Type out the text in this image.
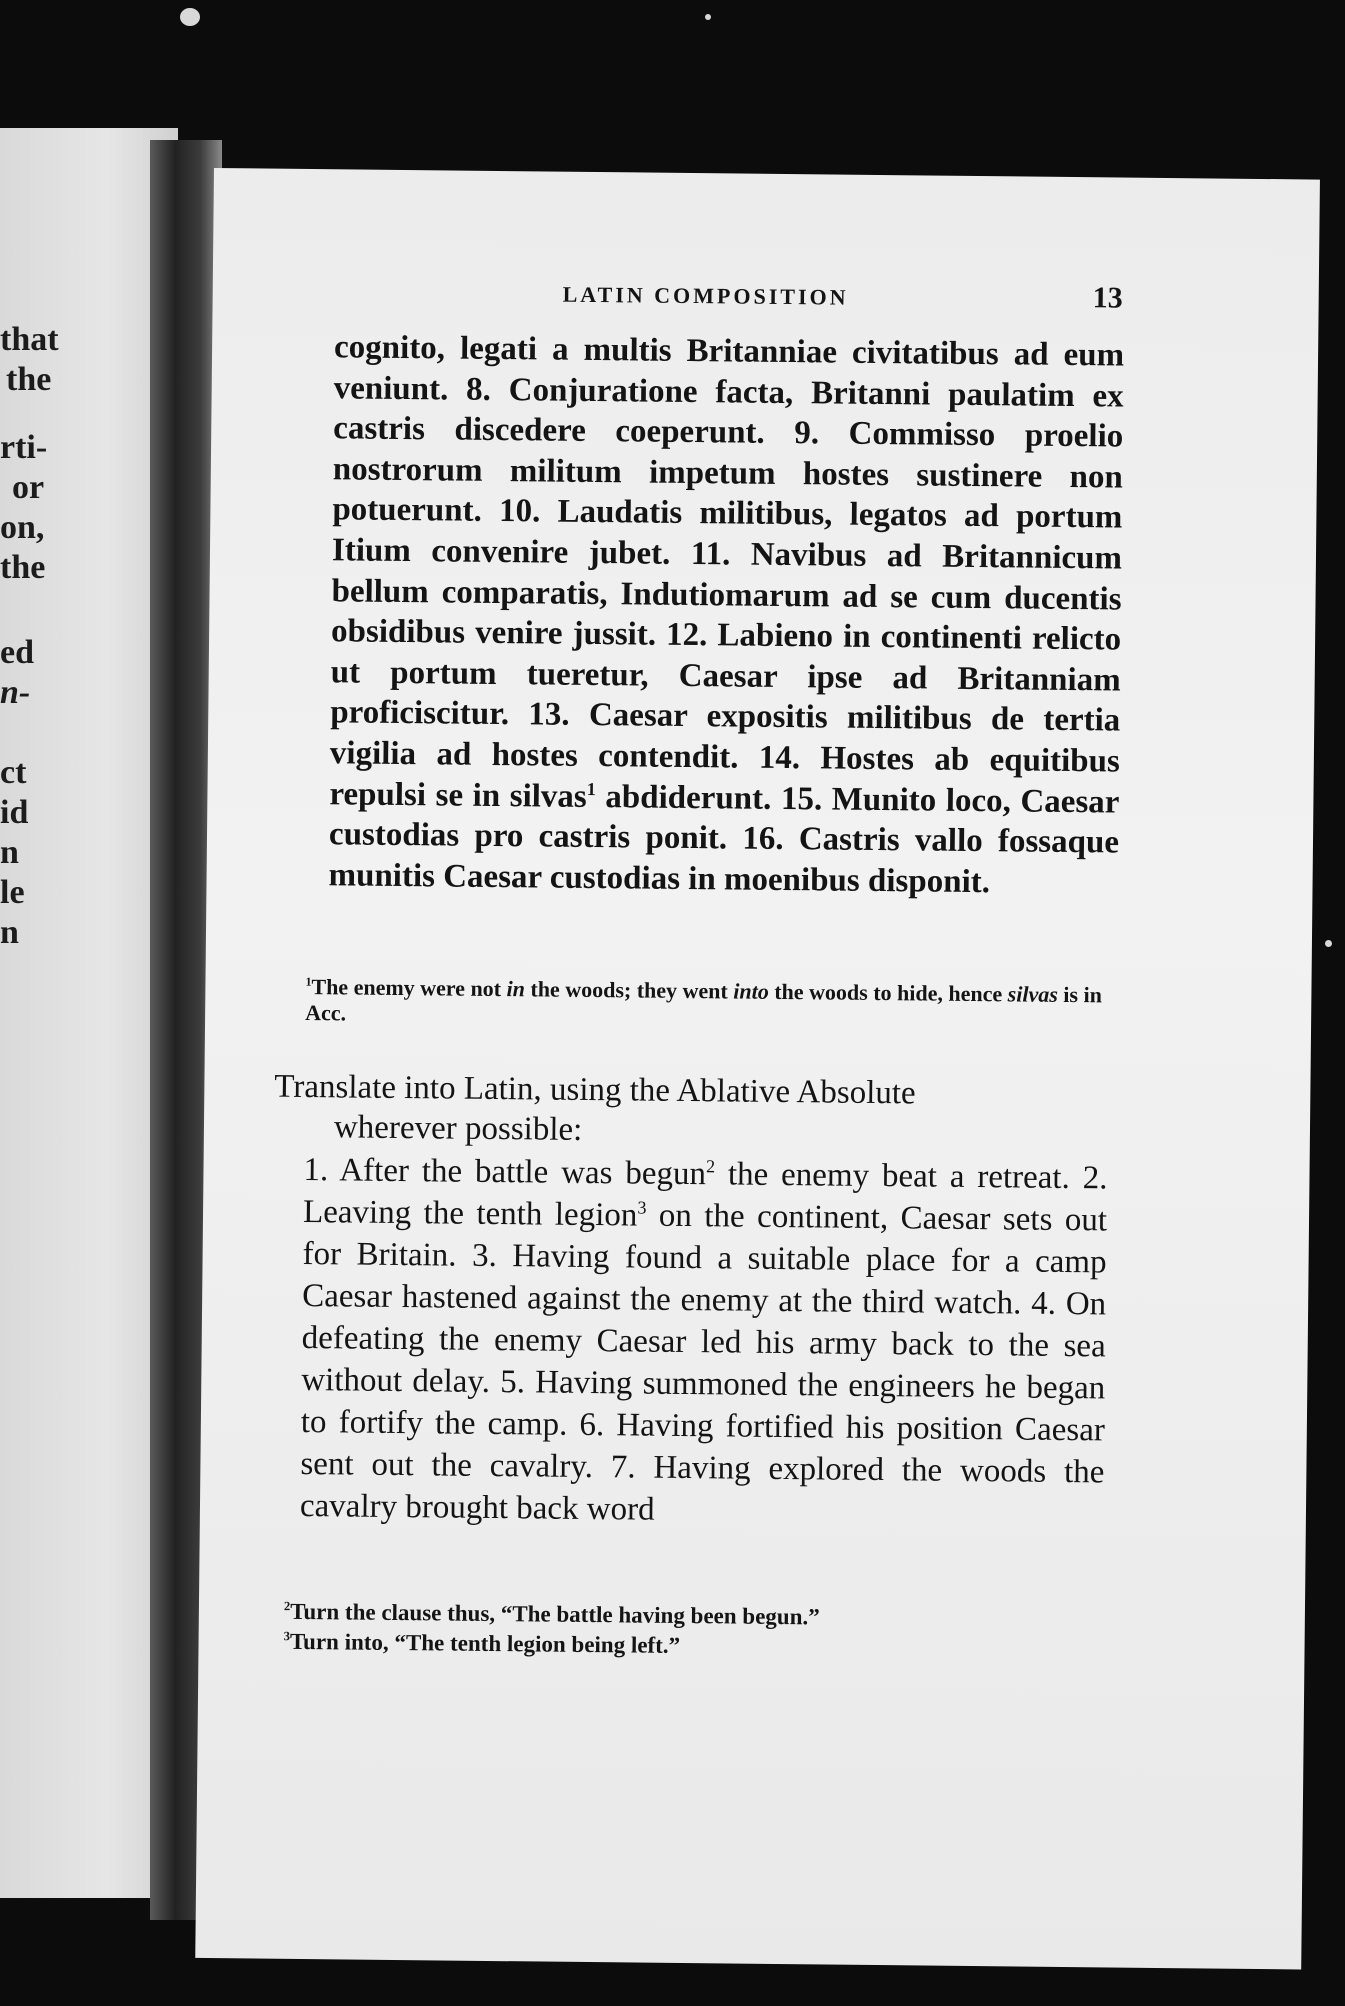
that
the
rti-
or
on,
the
ed
n-
ct
id
n
le
n
LATIN COMPOSITION	13
cognito, legati a multis Britanniae civitatibus ad eum veniunt. 8. Conjuratione facta, Britanni paulatim ex castris discedere coeperunt. 9. Commisso proelio nostrorum militum impetum hostes sustinere non potuerunt. 10. Laudatis militibus, legatos ad portum Itium convenire jubet. 11. Navibus ad Britannicum bellum comparatis, Indutiomarum ad se cum ducentis obsidibus venire jussit. 12. Labieno in continenti relicto ut portum tueretur, Caesar ipse ad Britanniam proficiscitur. 13. Caesar expositis militibus de tertia vigilia ad hostes contendit. 14. Hostes ab equitibus repulsi se in silvas$^1$ abdiderunt. 15. Munito loco, Caesar custodias pro castris ponit. 16. Castris vallo fossaque munitis Caesar custodias in moenibus disponit.
$^1$The enemy were not in the woods; they went into the woods to hide, hence silvas is in Acc.
Translate into Latin, using the Ablative Absolute
wherever possible:
1. After the battle was begun$^2$ the enemy beat a retreat. 2. Leaving the tenth legion$^3$ on the continent, Caesar sets out for Britain. 3. Having found a suitable place for a camp Caesar hastened against the enemy at the third watch. 4. On defeating the enemy Caesar led his army back to the sea without delay. 5. Having summoned the engineers he began to fortify the camp. 6. Having fortified his position Caesar sent out the cavalry. 7. Having explored the woods the cavalry brought back word
$^2$Turn the clause thus, “The battle having been begun.”
$^3$Turn into, “The tenth legion being left.”
